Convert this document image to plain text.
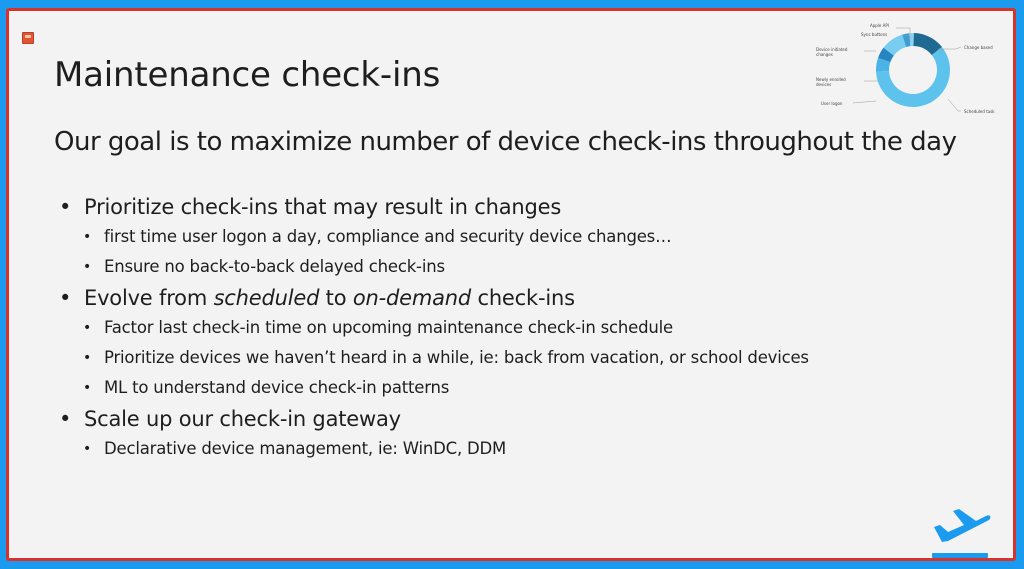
Maintenance check-ins
Our goal is to maximize number of device check-ins throughout the day
• Prioritize check-ins that may result in changes
• first time user logon a day, compliance and security device changes…
• Ensure no back-to-back delayed check-ins
• Evolve from scheduled to on-demand check-ins
• Factor last check-in time on upcoming maintenance check-in schedule
• Prioritize devices we haven’t heard in a while, ie: back from vacation, or school devices
• ML to understand device check-in patterns
• Scale up our check-in gateway
• Declarative device management, ie: WinDC, DDM
Apple API
Sync buttons
Device initiated changes
Newly enrolled devices
User logon
Change based
Scheduled task
